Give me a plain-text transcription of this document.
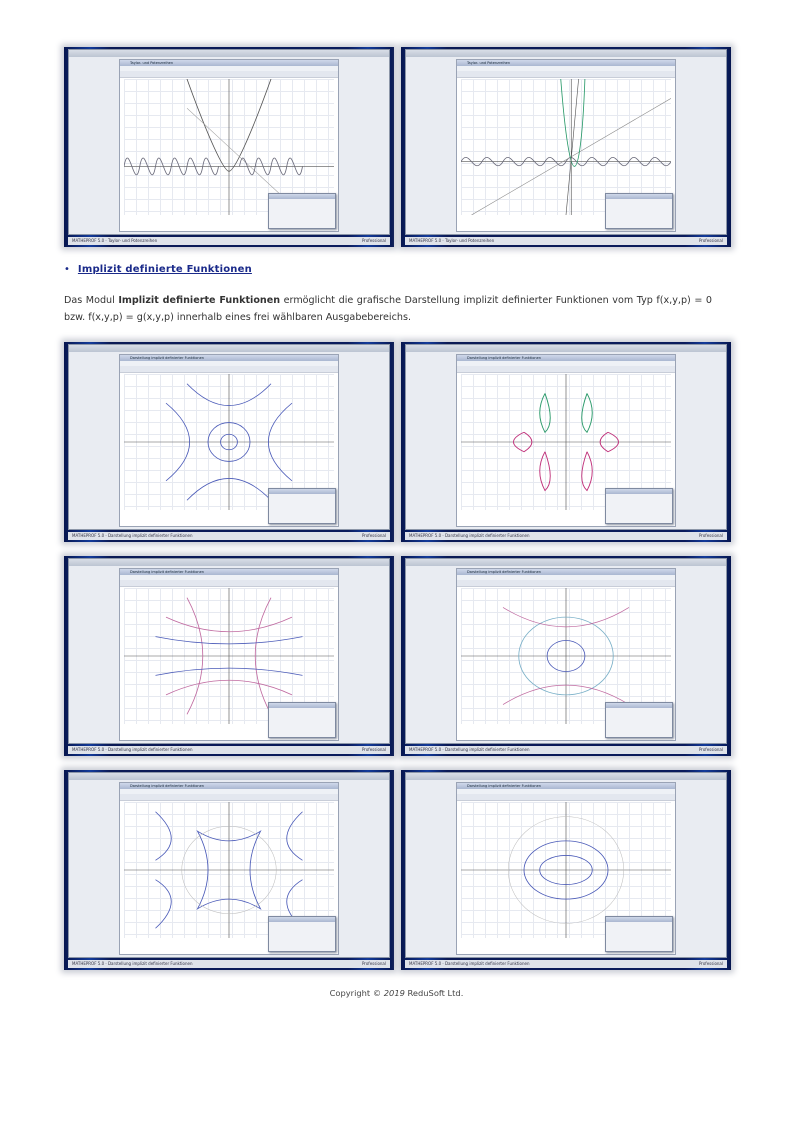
Taylor- und Potenzreihen
MATHEPROF 5.0 · Taylor- und Potenzreihen	Professional
Taylor- und Potenzreihen
MATHEPROF 5.0 · Taylor- und Potenzreihen	Professional
• Implizit definierte Funktionen
Das Modul Implizit definierte Funktionen ermöglicht die grafische Darstellung implizit definierter Funktionen vom Typ f(x,y,p) = 0 bzw. f(x,y,p) = g(x,y,p) innerhalb eines frei wählbaren Ausgabebereichs.
Darstellung implizit definierter Funktionen
MATHEPROF 5.0 · Darstellung implizit definierter Funktionen	Professional
Darstellung implizit definierter Funktionen
MATHEPROF 5.0 · Darstellung implizit definierter Funktionen	Professional
Darstellung implizit definierter Funktionen
MATHEPROF 5.0 · Darstellung implizit definierter Funktionen	Professional
Darstellung implizit definierter Funktionen
MATHEPROF 5.0 · Darstellung implizit definierter Funktionen	Professional
Darstellung implizit definierter Funktionen
MATHEPROF 5.0 · Darstellung implizit definierter Funktionen	Professional
Darstellung implizit definierter Funktionen
MATHEPROF 5.0 · Darstellung implizit definierter Funktionen	Professional
Copyright © 2019 ReduSoft Ltd.
